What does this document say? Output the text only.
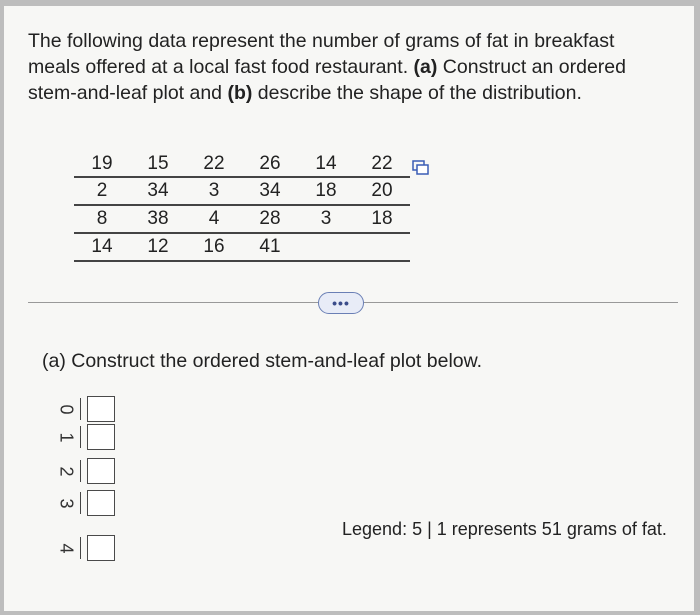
The following data represent the number of grams of fat in breakfast meals offered at a local fast food restaurant. (a) Construct an ordered stem-and-leaf plot and (b) describe the shape of the distribution.
19	15	22	26	14	22
2	34	3	34	18	20
8	38	4	28	3	18
14	12	16	41		
•••
(a) Construct the ordered stem-and-leaf plot below.
0
1
2
3
4
Legend: 5 | 1 represents 51 grams of fat.
